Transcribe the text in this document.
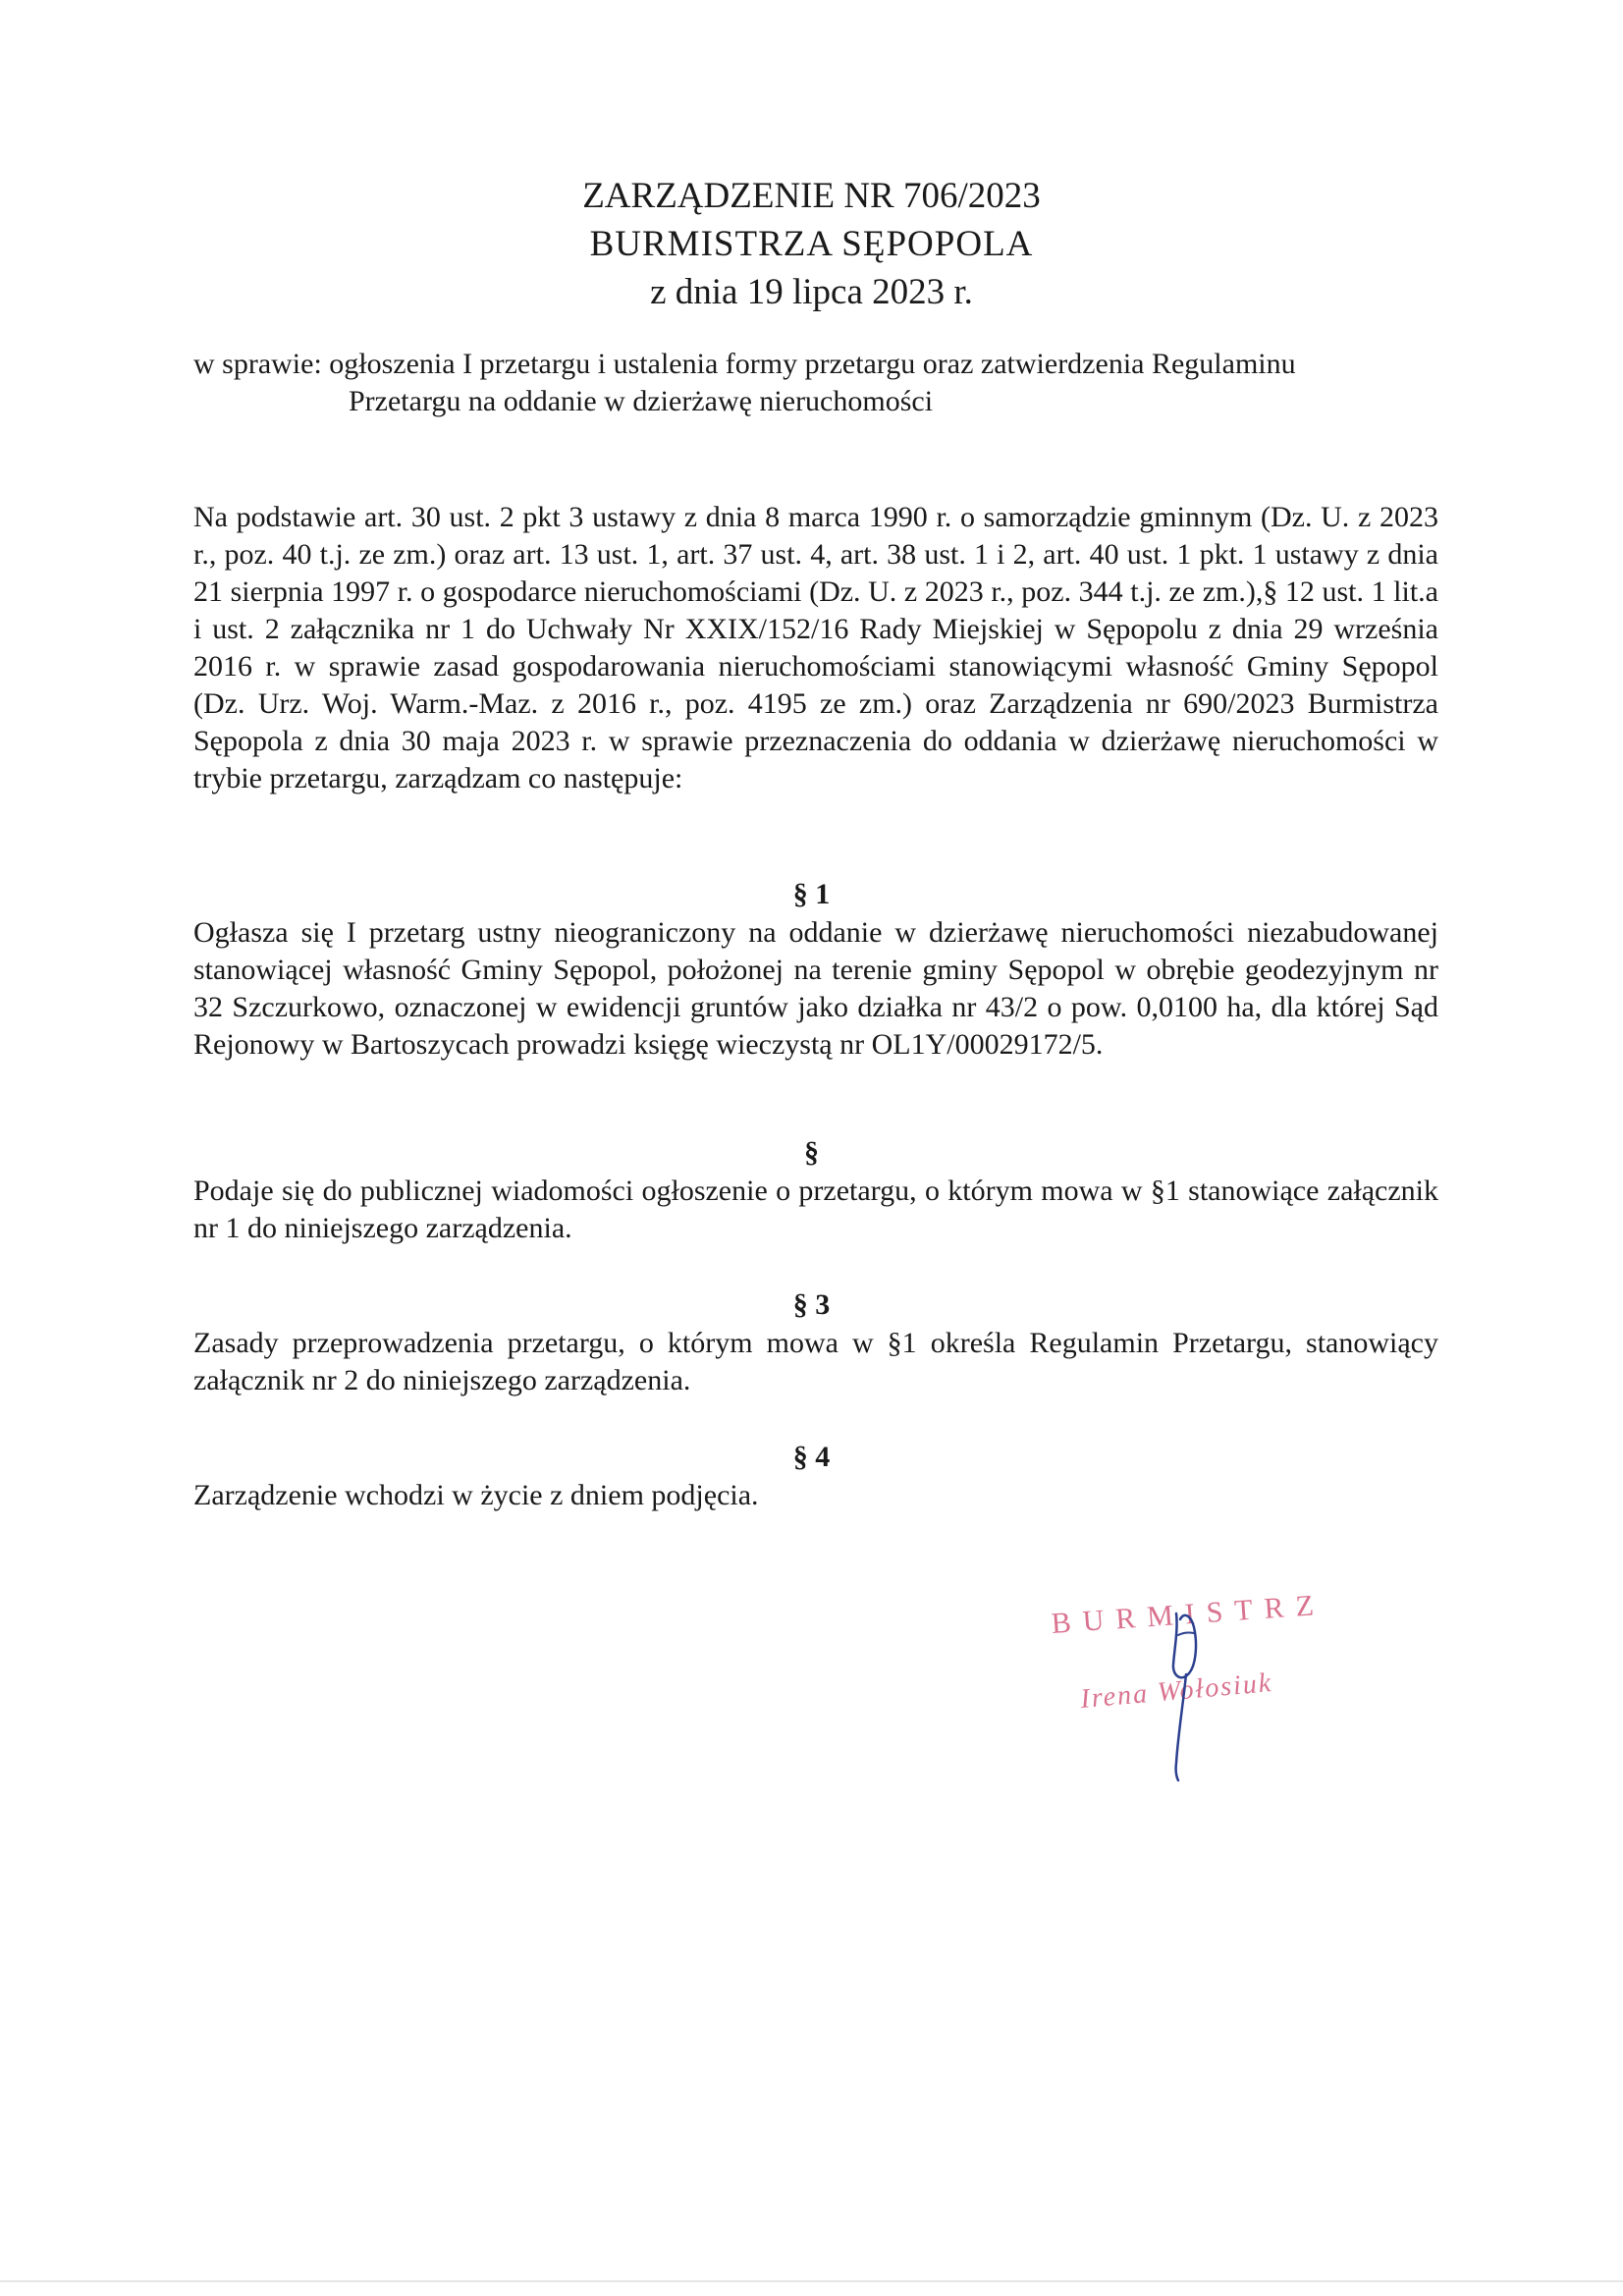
ZARZĄDZENIE NR 706/2023
BURMISTRZA SĘPOPOLA
z dnia 19 lipca 2023 r.
w sprawie: ogłoszenia I przetargu i ustalenia formy przetargu oraz zatwierdzenia Regulaminu
Przetargu na oddanie w dzierżawę nieruchomości
Na podstawie art. 30 ust. 2 pkt 3 ustawy z dnia 8 marca 1990 r. o samorządzie gminnym (Dz. U. z 2023 r., poz. 40 t.j. ze zm.) oraz art. 13 ust. 1, art. 37 ust. 4, art. 38 ust. 1 i 2, art. 40 ust. 1 pkt. 1 ustawy z dnia 21 sierpnia 1997 r. o gospodarce nieruchomościami (Dz. U. z 2023 r., poz. 344 t.j. ze zm.),§ 12 ust. 1 lit.a i ust. 2 załącznika nr 1 do Uchwały Nr XXIX/152/16 Rady Miejskiej w Sępopolu z dnia 29 września 2016 r. w sprawie zasad gospodarowania nieruchomościami stanowiącymi własność Gminy Sępopol (Dz. Urz. Woj. Warm.-Maz. z 2016 r., poz. 4195 ze zm.) oraz Zarządzenia nr 690/2023 Burmistrza Sępopola z dnia 30 maja 2023 r. w sprawie przeznaczenia do oddania w dzierżawę nieruchomości w trybie przetargu, zarządzam co następuje:
§ 1
Ogłasza się I przetarg ustny nieograniczony na oddanie w dzierżawę nieruchomości niezabudowanej stanowiącej własność Gminy Sępopol, położonej na terenie gminy Sępopol w obrębie geodezyjnym nr 32 Szczurkowo, oznaczonej w ewidencji gruntów jako działka nr 43/2 o pow. 0,0100 ha, dla której Sąd Rejonowy w Bartoszycach prowadzi księgę wieczystą nr OL1Y/00029172/5.
§
Podaje się do publicznej wiadomości ogłoszenie o przetargu, o którym mowa w §1 stanowiące załącznik nr 1 do niniejszego zarządzenia.
§ 3
Zasady przeprowadzenia przetargu, o którym mowa w §1 określa Regulamin Przetargu, stanowiący załącznik nr 2 do niniejszego zarządzenia.
§ 4
Zarządzenie wchodzi w życie z dniem podjęcia.
BURMISTRZ
Irena Wołosiuk
